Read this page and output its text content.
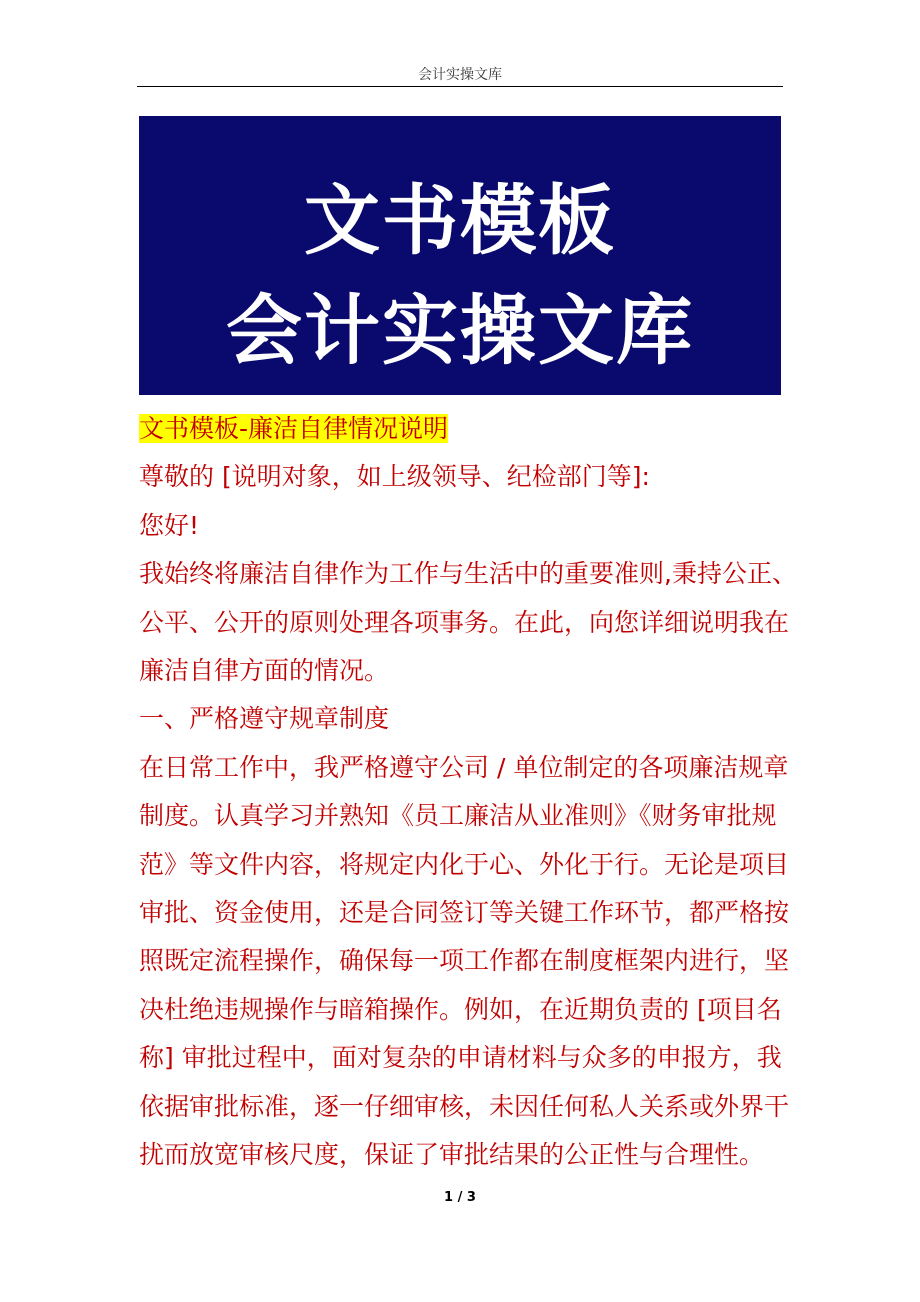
会计实操文库
文书模板
会计实操文库

文书模板-廉洁自律情况说明

尊敬的 [说明对象，如上级领导、纪检部门等]:

您好!

我始终将廉洁自律作为工作与生活中的重要准则,秉持公正、

公平、公开的原则处理各项事务。在此，向您详细说明我在

廉洁自律方面的情况。

一、严格遵守规章制度

在日常工作中，我严格遵守公司 / 单位制定的各项廉洁规章

制度。认真学习并熟知《员工廉洁从业准则》《财务审批规

范》等文件内容，将规定内化于心、外化于行。无论是项目

审批、资金使用，还是合同签订等关键工作环节，都严格按

照既定流程操作，确保每一项工作都在制度框架内进行，坚

决杜绝违规操作与暗箱操作。例如，在近期负责的 [项目名

称] 审批过程中，面对复杂的申请材料与众多的申报方，我

依据审批标准，逐一仔细审核，未因任何私人关系或外界干

扰而放宽审核尺度，保证了审批结果的公正性与合理性。

1 / 3
